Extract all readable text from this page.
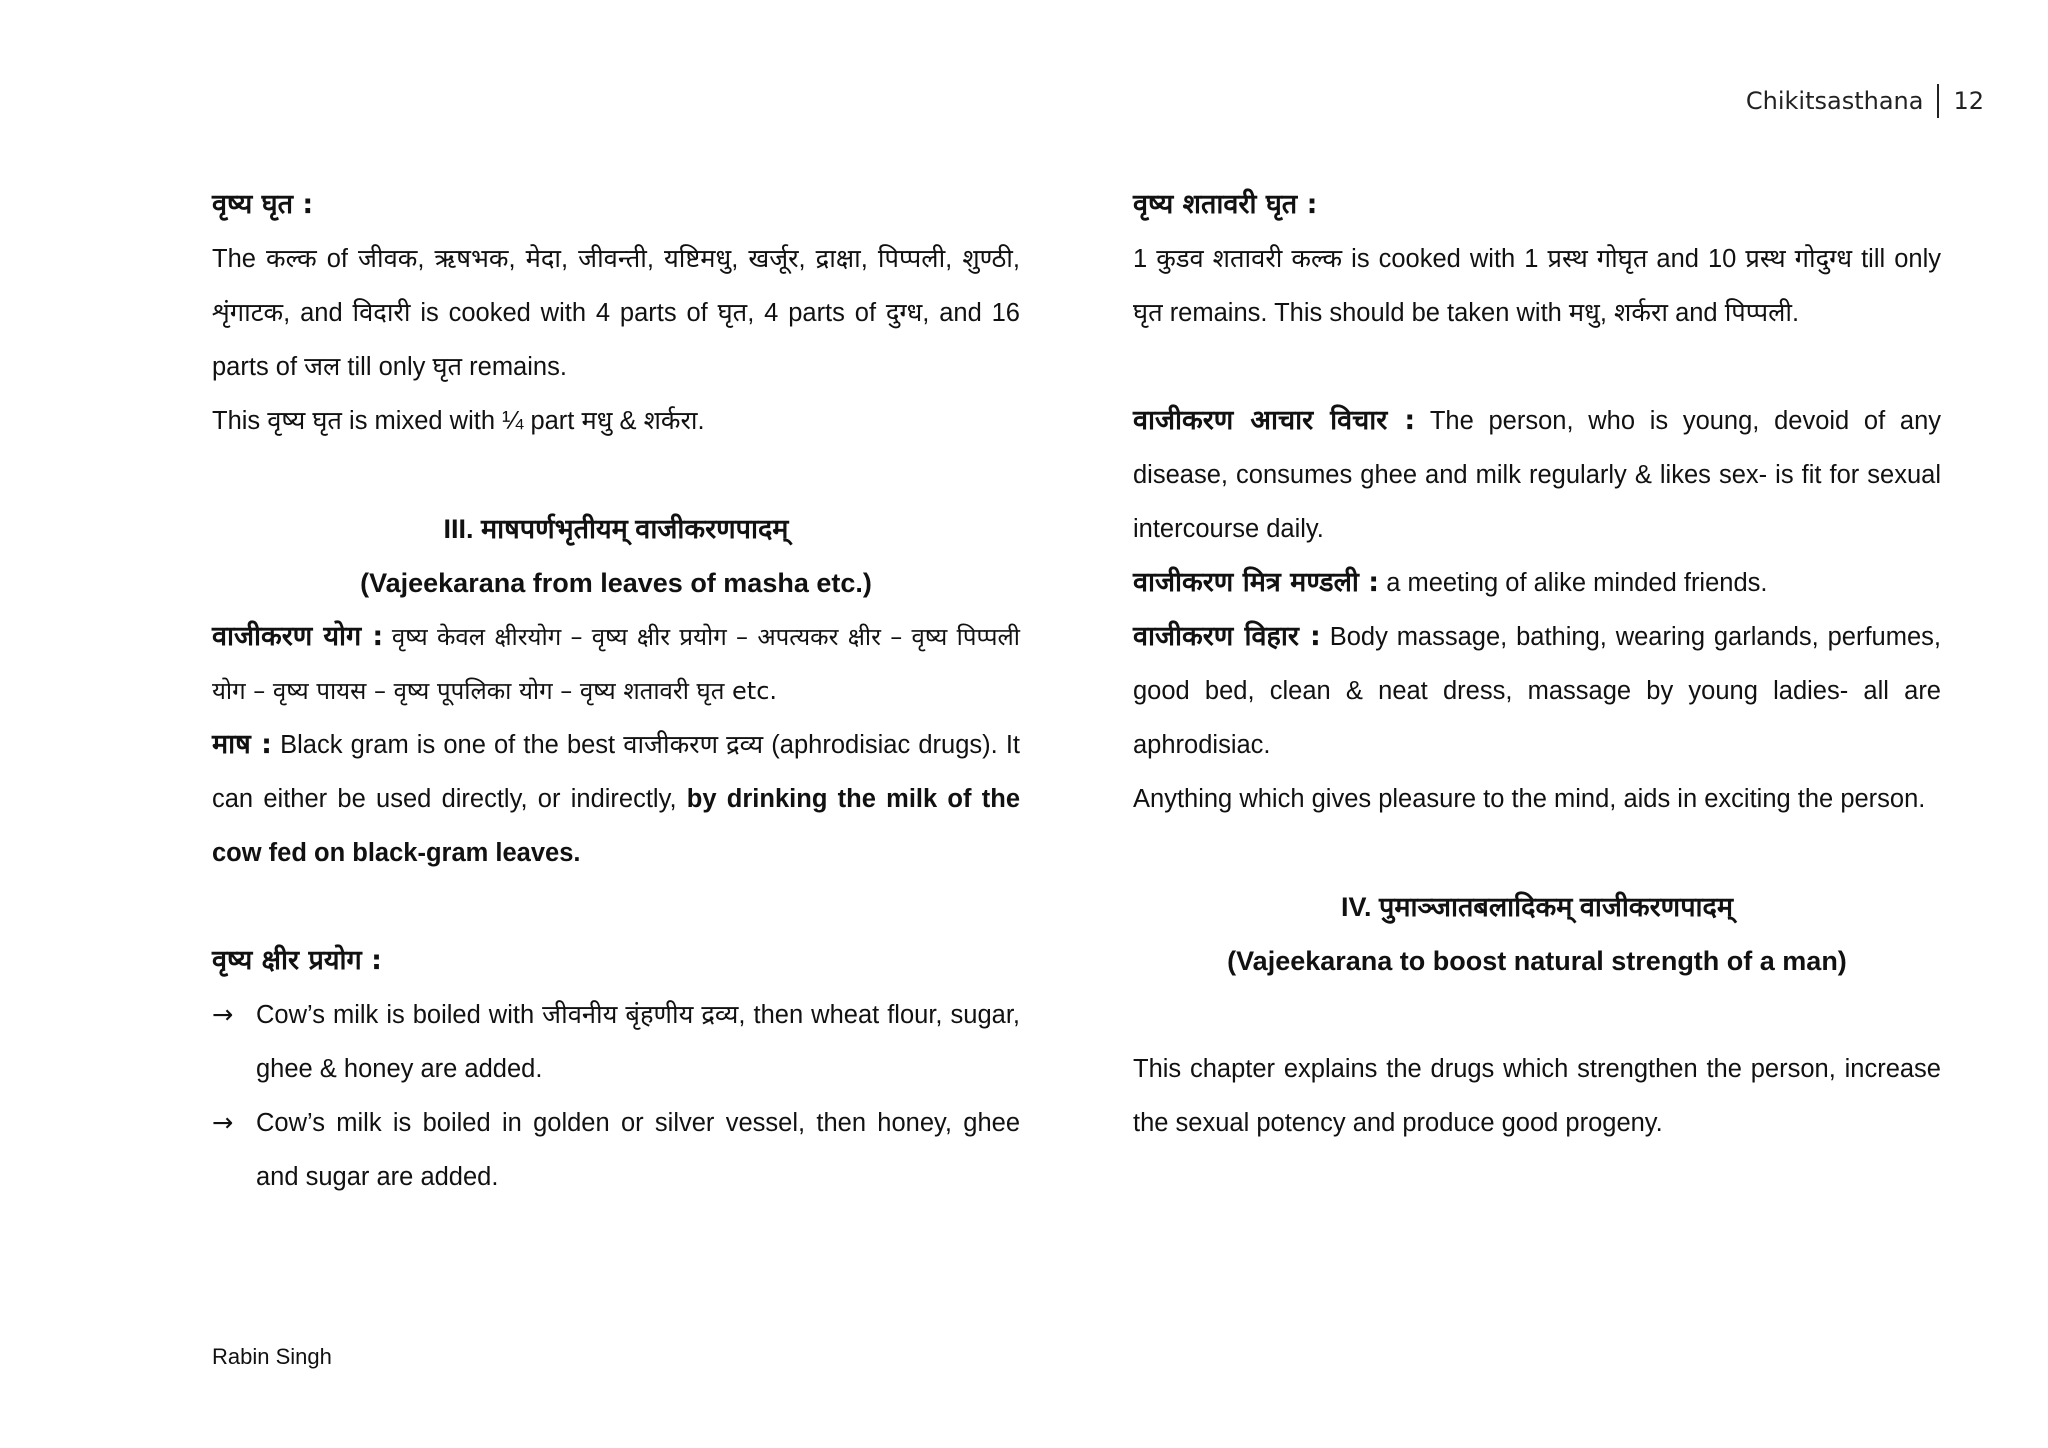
Chikitsasthana 12

वृष्य घृत :

The कल्क of जीवक, ऋषभक, मेदा, जीवन्ती, यष्टिमधु, खर्जूर, द्राक्षा, पिप्पली, शुण्ठी, शृंगाटक, and विदारी is cooked with 4 parts of घृत, 4 parts of दुग्ध, and 16 parts of जल till only घृत remains.

This वृष्य घृत is mixed with ¼ part मधु & शर्करा.

III. माषपर्णभृतीयम् वाजीकरणपादम्

(Vajeekarana from leaves of masha etc.)

वाजीकरण योग : वृष्य केवल क्षीरयोग – वृष्य क्षीर प्रयोग – अपत्यकर क्षीर – वृष्य पिप्पली योग – वृष्य पायस – वृष्य पूपलिका योग – वृष्य शतावरी घृत etc.

माष : Black gram is one of the best वाजीकरण द्रव्य (aphrodisiac drugs). It can either be used directly, or indirectly, by drinking the milk of the cow fed on black-gram leaves.

वृष्य क्षीर प्रयोग :

→ Cow’s milk is boiled with जीवनीय बृंहणीय द्रव्य, then wheat flour, sugar, ghee & honey are added.
→ Cow’s milk is boiled in golden or silver vessel, then honey, ghee and sugar are added.

वृष्य शतावरी घृत :

1 कुडव शतावरी कल्क is cooked with 1 प्रस्थ गोघृत and 10 प्रस्थ गोदुग्ध till only घृत remains. This should be taken with मधु, शर्करा and पिप्पली.

वाजीकरण आचार विचार : The person, who is young, devoid of any disease, consumes ghee and milk regularly & likes sex- is fit for sexual intercourse daily.

वाजीकरण मित्र मण्डली : a meeting of alike minded friends.

वाजीकरण विहार : Body massage, bathing, wearing garlands, perfumes, good bed, clean & neat dress, massage by young ladies- all are aphrodisiac.

Anything which gives pleasure to the mind, aids in exciting the person.

IV. पुमाञ्जातबलादिकम् वाजीकरणपादम्

(Vajeekarana to boost natural strength of a man)

This chapter explains the drugs which strengthen the person, increase the sexual potency and produce good progeny.

Rabin Singh
